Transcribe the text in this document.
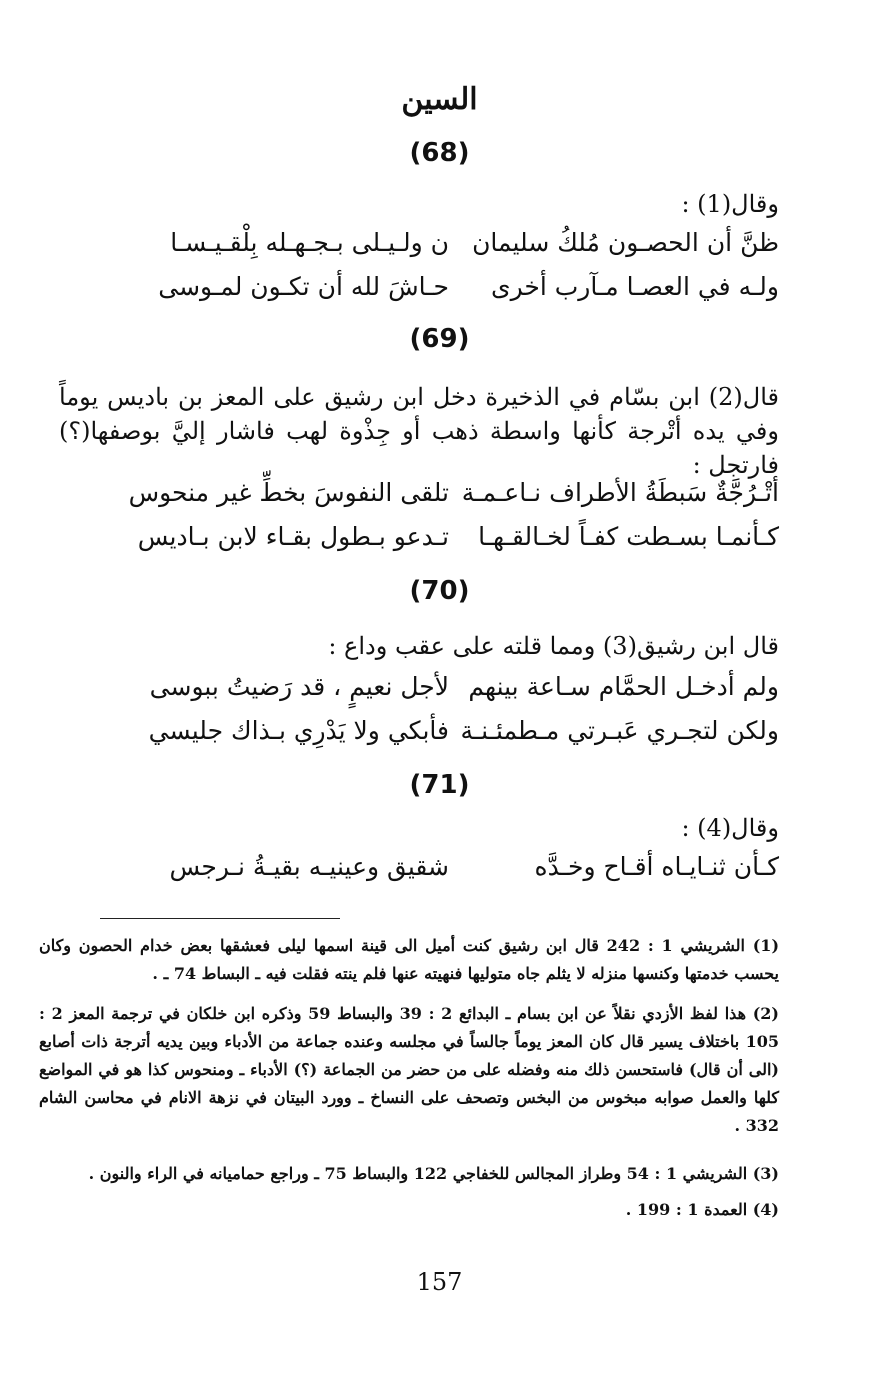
السين
(68)
وقال(1) :
ظنَّ أن الحصـون مُلكُ سليمان
ن ولـيـلى بـجـهـله بِلْقـيـسـا
ولـه في العصـا مـآرب أخرى
حـاشَ لله أن تكـون لمـوسى
(69)
قال(2) ابن بسّام في الذخيرة دخل ابن رشيق على المعز بن باديس يوماً وفي يده أتْرجة كأنها واسطة ذهب أو جِذْوة لهب فاشار إليَّ بوصفها(؟) فارتجل :
أتْـرُجَّةٌ سَبطَةُ الأطراف نـاعـمـة
تلقى النفوسَ بخطِّ غير منحوس
كـأنمـا بسـطت كفـاً لخـالقـهـا
تـدعو بـطول بقـاء لابن بـاديس
(70)
قال ابن رشيق(3) ومما قلته على عقب وداع :
ولم أدخـل الحمَّام سـاعة بينهم
لأجل نعيمٍ ، قد رَضيتُ ببوسى
ولكن لتجـري عَبـرتي مـطمئـنـة
فأبكي ولا يَدْرِي بـذاك جليسي
(71)
وقال(4) :
كـأن ثنـايـاه أقـاح وخـدَّه
شقيق وعينيـه بقيـةُ نـرجس
(1) الشريشي 1 : 242 قال ابن رشيق كنت أميل الى قينة اسمها ليلى فعشقها بعض خدام الحصون وكان يحسب خدمتها وكنسها منزله لا يثلم جاه متوليها فنهيته عنها فلم ينته فقلت فيه ـ البساط 74 ـ .
(2) هذا لفظ الأزدي نقلاً عن ابن بسام ـ البدائع 2 : 39 والبساط 59 وذكره ابن خلكان في ترجمة المعز 2 : 105 باختلاف يسير قال كان المعز يوماً جالساً في مجلسه وعنده جماعة من الأدباء وبين يديه أترجة ذات أصابع (الى أن قال) فاستحسن ذلك منه وفضله على من حضر من الجماعة (؟) الأدباء ـ ومنحوس كذا هو في المواضع كلها والعمل صوابه مبخوس من البخس وتصحف على النساخ ـ وورد البيتان في نزهة الانام في محاسن الشام 332 .
(3) الشريشي 1 : 54 وطراز المجالس للخفاجي 122 والبساط 75 ـ وراجع حماميانه في الراء والنون .
(4) العمدة 1 : 199 .
157
